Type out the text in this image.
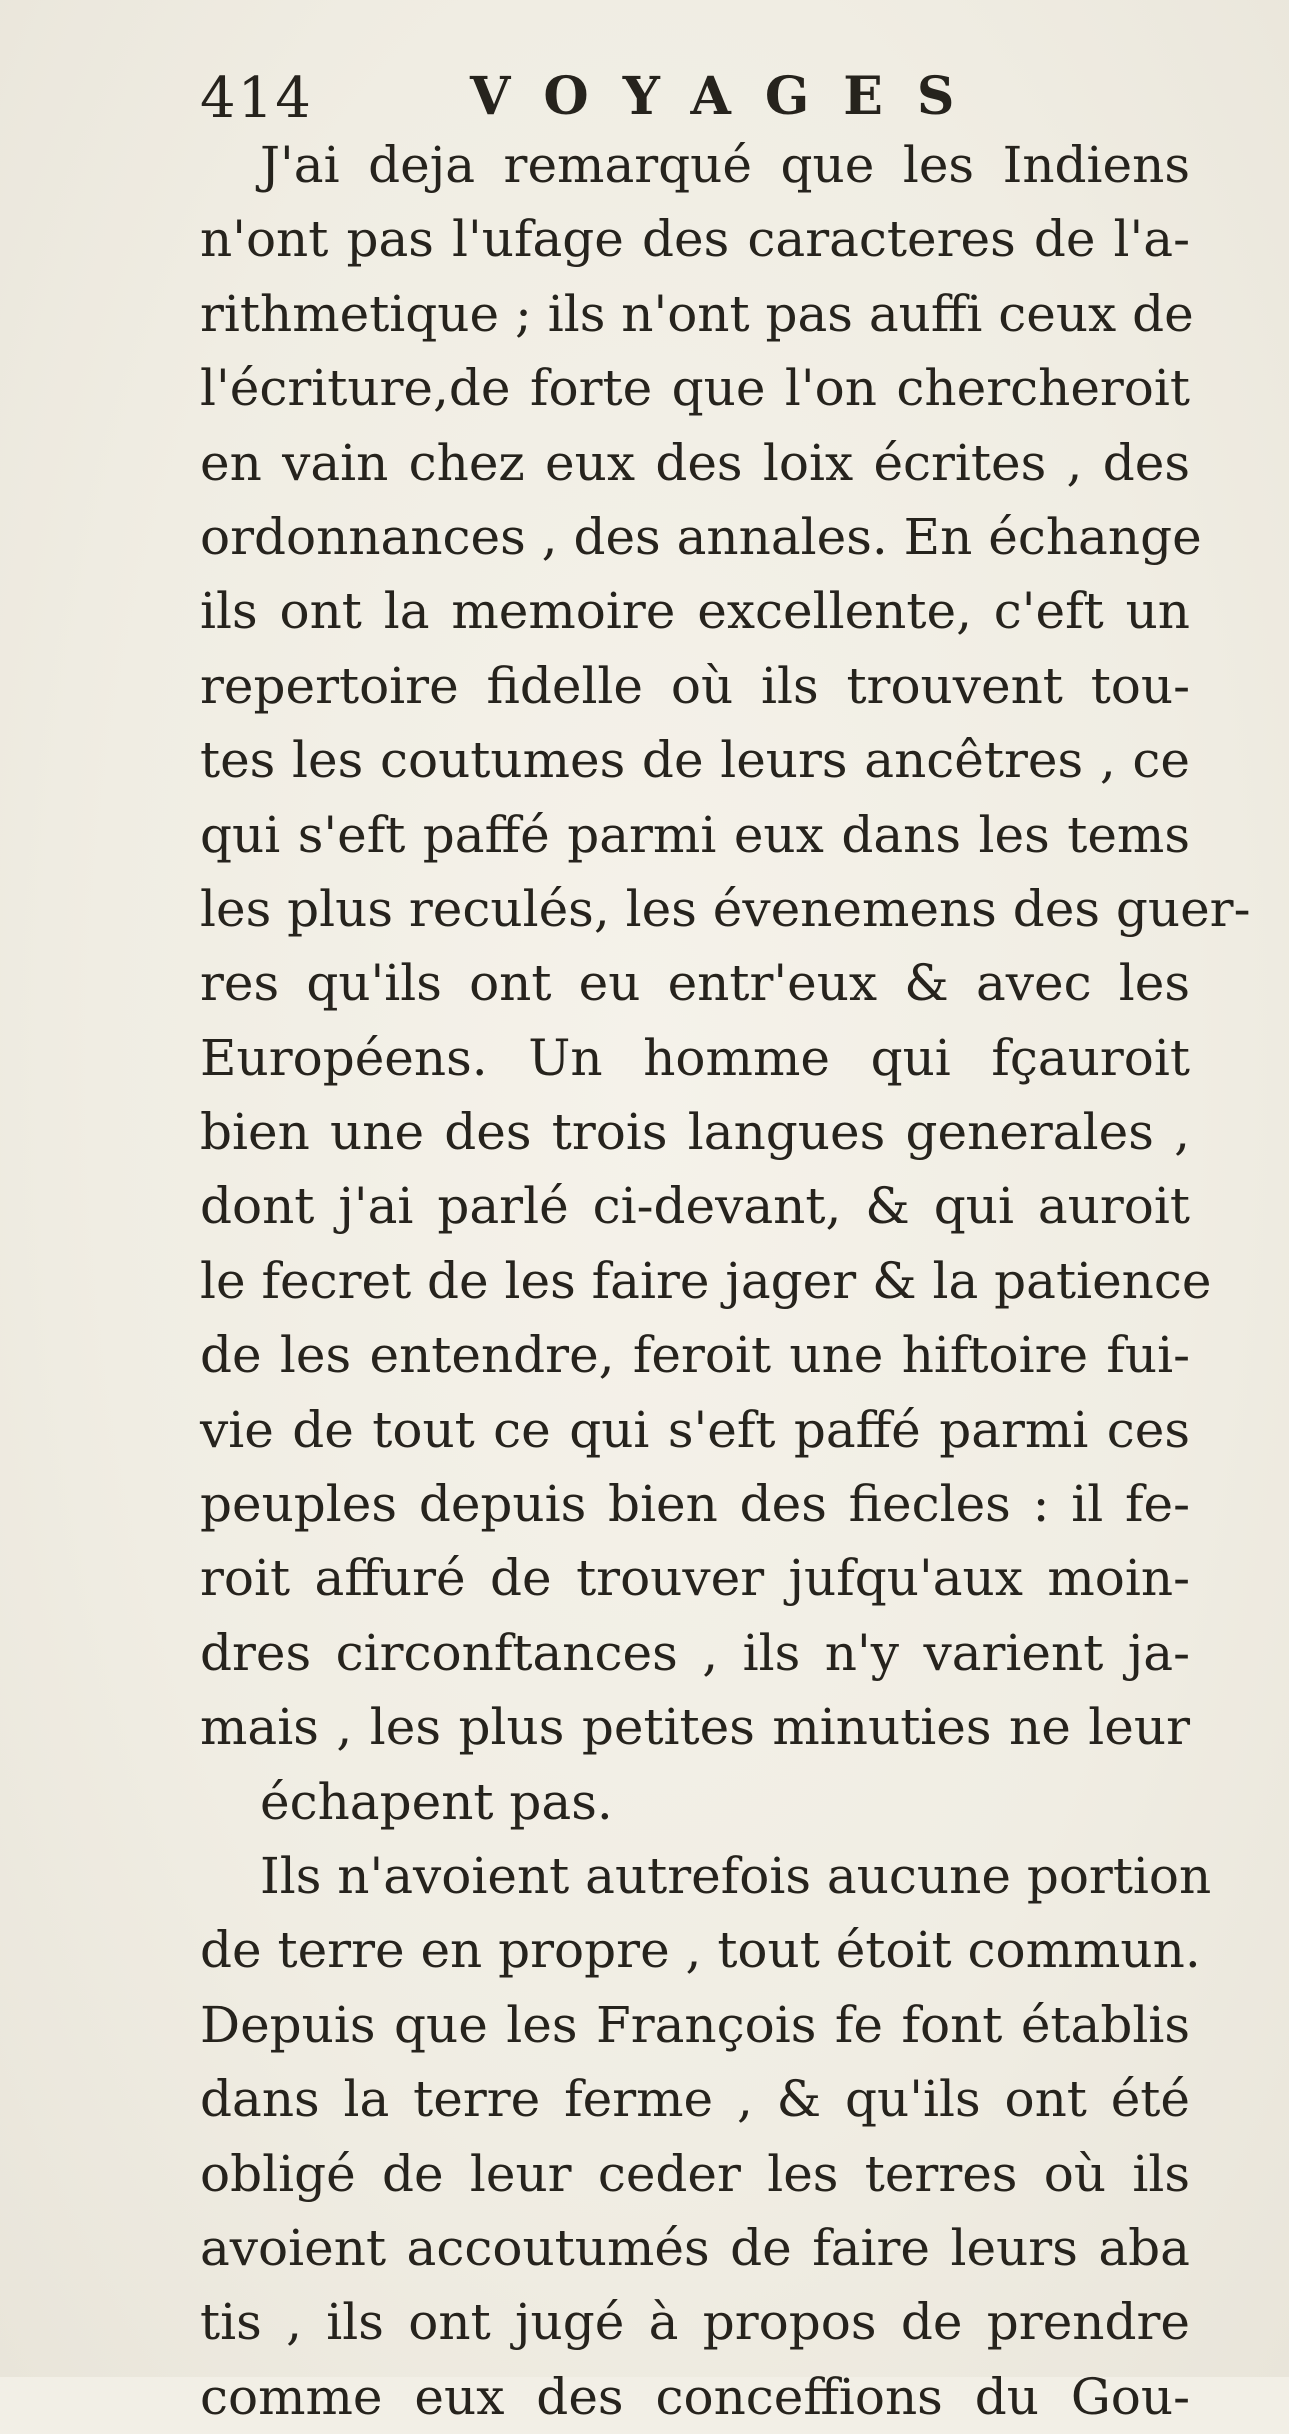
414	VOYAGES
J'ai deja remarqué que les Indiens
n'ont pas l'ufage des caracteres de l'a-
rithmetique ; ils n'ont pas auffi ceux de
l'écriture,de forte que l'on chercheroit
en vain chez eux des loix écrites , des
ordonnances , des annales. En échange
ils ont la memoire excellente, c'eft un
repertoire fidelle où ils trouvent tou-
tes les coutumes de leurs ancêtres , ce
qui s'eft paffé parmi eux dans les tems
les plus reculés, les évenemens des guer-
res qu'ils ont eu entr'eux & avec les
Européens. Un homme qui fçauroit
bien une des trois langues generales ,
dont j'ai parlé ci-devant, & qui auroit
le fecret de les faire jager & la patience
de les entendre, feroit une hiftoire fui-
vie de tout ce qui s'eft paffé parmi ces
peuples depuis bien des fiecles : il fe-
roit affuré de trouver jufqu'aux moin-
dres circonftances , ils n'y varient ja-
mais , les plus petites minuties ne leur
échapent pas.
Ils n'avoient autrefois aucune portion
de terre en propre , tout étoit commun.
Depuis que les François fe font établis
dans la terre ferme , & qu'ils ont été
obligé de leur ceder les terres où ils
avoient accoutumés de faire leurs aba
tis , ils ont jugé à propos de prendre
comme eux des conceffions du Gou-
